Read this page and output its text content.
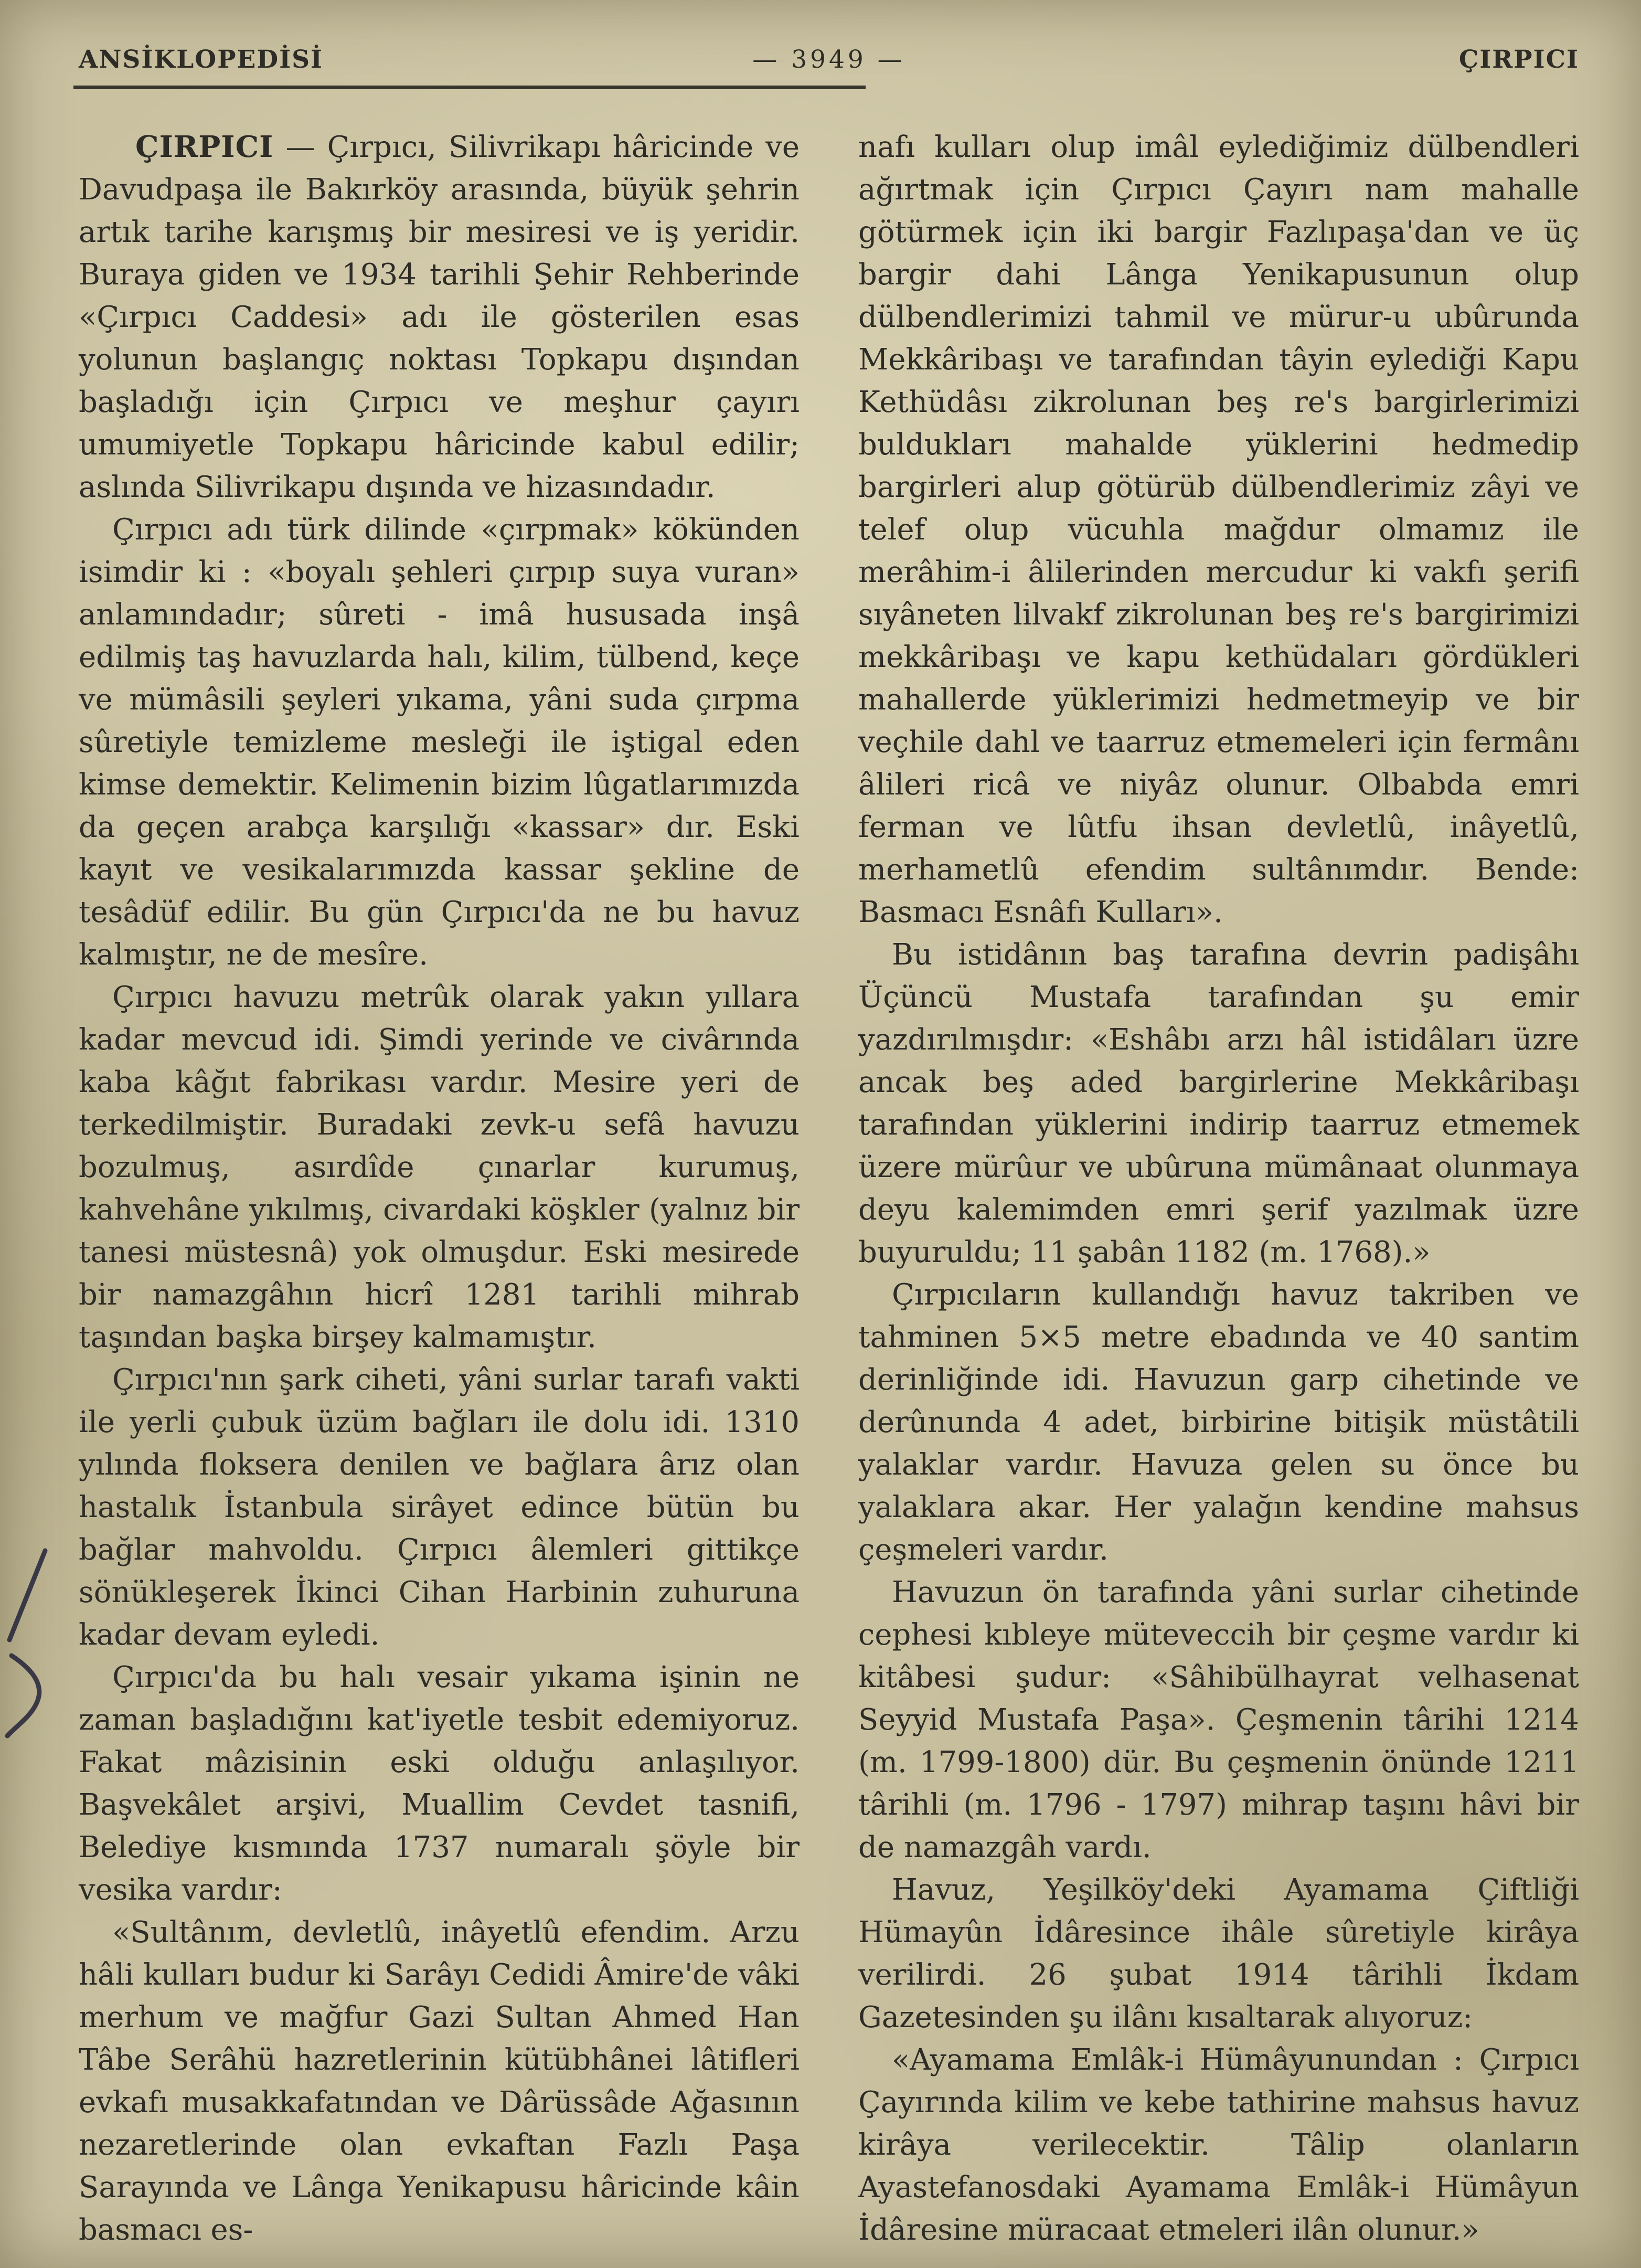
ANSİKLOPEDİSİ	— 3949 —	ÇIRPICI

ÇIRPICI — Çırpıcı, Silivrikapı hâricinde ve Davudpaşa ile Bakırköy arasında, büyük şehrin artık tarihe karışmış bir mesiresi ve iş yeridir. Buraya giden ve 1934 tarihli Şehir Rehberinde «Çırpıcı Caddesi» adı ile gösterilen esas yolunun başlangıç noktası Topkapu dışından başladığı için Çırpıcı ve meşhur çayırı umumiyetle Topkapu hâricinde kabul edilir; aslında Silivrikapu dışında ve hizasındadır.

Çırpıcı adı türk dilinde «çırpmak» kökünden isimdir ki : «boyalı şehleri çırpıp suya vuran» anlamındadır; sûreti - imâ hususada inşâ edilmiş taş havuzlarda halı, kilim, tülbend, keçe ve mümâsili şeyleri yıkama, yâni suda çırpma sûretiyle temizleme mesleği ile iştigal eden kimse demektir. Kelimenin bizim lûgatlarımızda da geçen arabça karşılığı «kassar» dır. Eski kayıt ve vesikalarımızda kassar şekline de tesâdüf edilir. Bu gün Çırpıcı'da ne bu havuz kalmıştır, ne de mesîre.

Çırpıcı havuzu metrûk olarak yakın yıllara kadar mevcud idi. Şimdi yerinde ve civârında kaba kâğıt fabrikası vardır. Mesire yeri de terkedilmiştir. Buradaki zevk-u sefâ havuzu bozulmuş, asırdîde çınarlar kurumuş, kahvehâne yıkılmış, civardaki köşkler (yalnız bir tanesi müstesnâ) yok olmuşdur. Eski mesirede bir namazgâhın hicrî 1281 tarihli mihrab taşından başka birşey kalmamıştır.

Çırpıcı'nın şark ciheti, yâni surlar tarafı vakti ile yerli çubuk üzüm bağları ile dolu idi. 1310 yılında floksera denilen ve bağlara ârız olan hastalık İstanbula sirâyet edince bütün bu bağlar mahvoldu. Çırpıcı âlemleri gittikçe sönükleşerek İkinci Cihan Harbinin zuhuruna kadar devam eyledi.

Çırpıcı'da bu halı vesair yıkama işinin ne zaman başladığını kat'iyetle tesbit edemiyoruz. Fakat mâzisinin eski olduğu anlaşılıyor. Başvekâlet arşivi, Muallim Cevdet tasnifi, Belediye kısmında 1737 numaralı şöyle bir vesika vardır:

«Sultânım, devletlû, inâyetlû efendim. Arzu hâli kulları budur ki Sarâyı Cedidi Âmire'de vâki merhum ve mağfur Gazi Sultan Ahmed Han Tâbe Serâhü hazretlerinin kütübhânei lâtifleri evkafı musakkafatından ve Dârüssâde Ağasının nezaretlerinde olan evkaftan Fazlı Paşa Sarayında ve Lânga Yenikapusu hâricinde kâin basmacı es-

nafı kulları olup imâl eylediğimiz dülbendleri ağırtmak için Çırpıcı Çayırı nam mahalle götürmek için iki bargir Fazlıpaşa'dan ve üç bargir dahi Lânga Yenikapusunun olup dülbendlerimizi tahmil ve mürur-u ubûrunda Mekkâribaşı ve tarafından tâyin eylediği Kapu Kethüdâsı zikrolunan beş re's bargirlerimizi buldukları mahalde yüklerini hedmedip bargirleri alup götürüb dülbendlerimiz zâyi ve telef olup vücuhla mağdur olmamız ile merâhim-i âlilerinden mercudur ki vakfı şerifi sıyâneten lilvakf zikrolunan beş re's bargirimizi mekkâribaşı ve kapu kethüdaları gördükleri mahallerde yüklerimizi hedmetmeyip ve bir veçhile dahl ve taarruz etmemeleri için fermânı âlileri ricâ ve niyâz olunur. Olbabda emri ferman ve lûtfu ihsan devletlû, inâyetlû, merhametlû efendim sultânımdır. Bende: Basmacı Esnâfı Kulları».

Bu istidânın baş tarafına devrin padişâhı Üçüncü Mustafa tarafından şu emir yazdırılmışdır: «Eshâbı arzı hâl istidâları üzre ancak beş aded bargirlerine Mekkâribaşı tarafından yüklerini indirip taarruz etmemek üzere mürûur ve ubûruna mümânaat olunmaya deyu kalemimden emri şerif yazılmak üzre buyuruldu; 11 şabân 1182 (m. 1768).»

Çırpıcıların kullandığı havuz takriben ve tahminen 5×5 metre ebadında ve 40 santim derinliğinde idi. Havuzun garp cihetinde ve derûnunda 4 adet, birbirine bitişik müstâtili yalaklar vardır. Havuza gelen su önce bu yalaklara akar. Her yalağın kendine mahsus çeşmeleri vardır.

Havuzun ön tarafında yâni surlar cihetinde cephesi kıbleye müteveccih bir çeşme vardır ki kitâbesi şudur: «Sâhibülhayrat velhasenat Seyyid Mustafa Paşa». Çeşmenin târihi 1214 (m. 1799-1800) dür. Bu çeşmenin önünde 1211 târihli (m. 1796 - 1797) mihrap taşını hâvi bir de namazgâh vardı.

Havuz, Yeşilköy'deki Ayamama Çiftliği Hümayûn İdâresince ihâle sûretiyle kirâya verilirdi. 26 şubat 1914 târihli İkdam Gazetesinden şu ilânı kısaltarak alıyoruz:

«Ayamama Emlâk-i Hümâyunundan : Çırpıcı Çayırında kilim ve kebe tathirine mahsus havuz kirâya verilecektir. Tâlip olanların Ayastefanosdaki Ayamama Emlâk-i Hümâyun İdâresine müracaat etmeleri ilân olunur.»
